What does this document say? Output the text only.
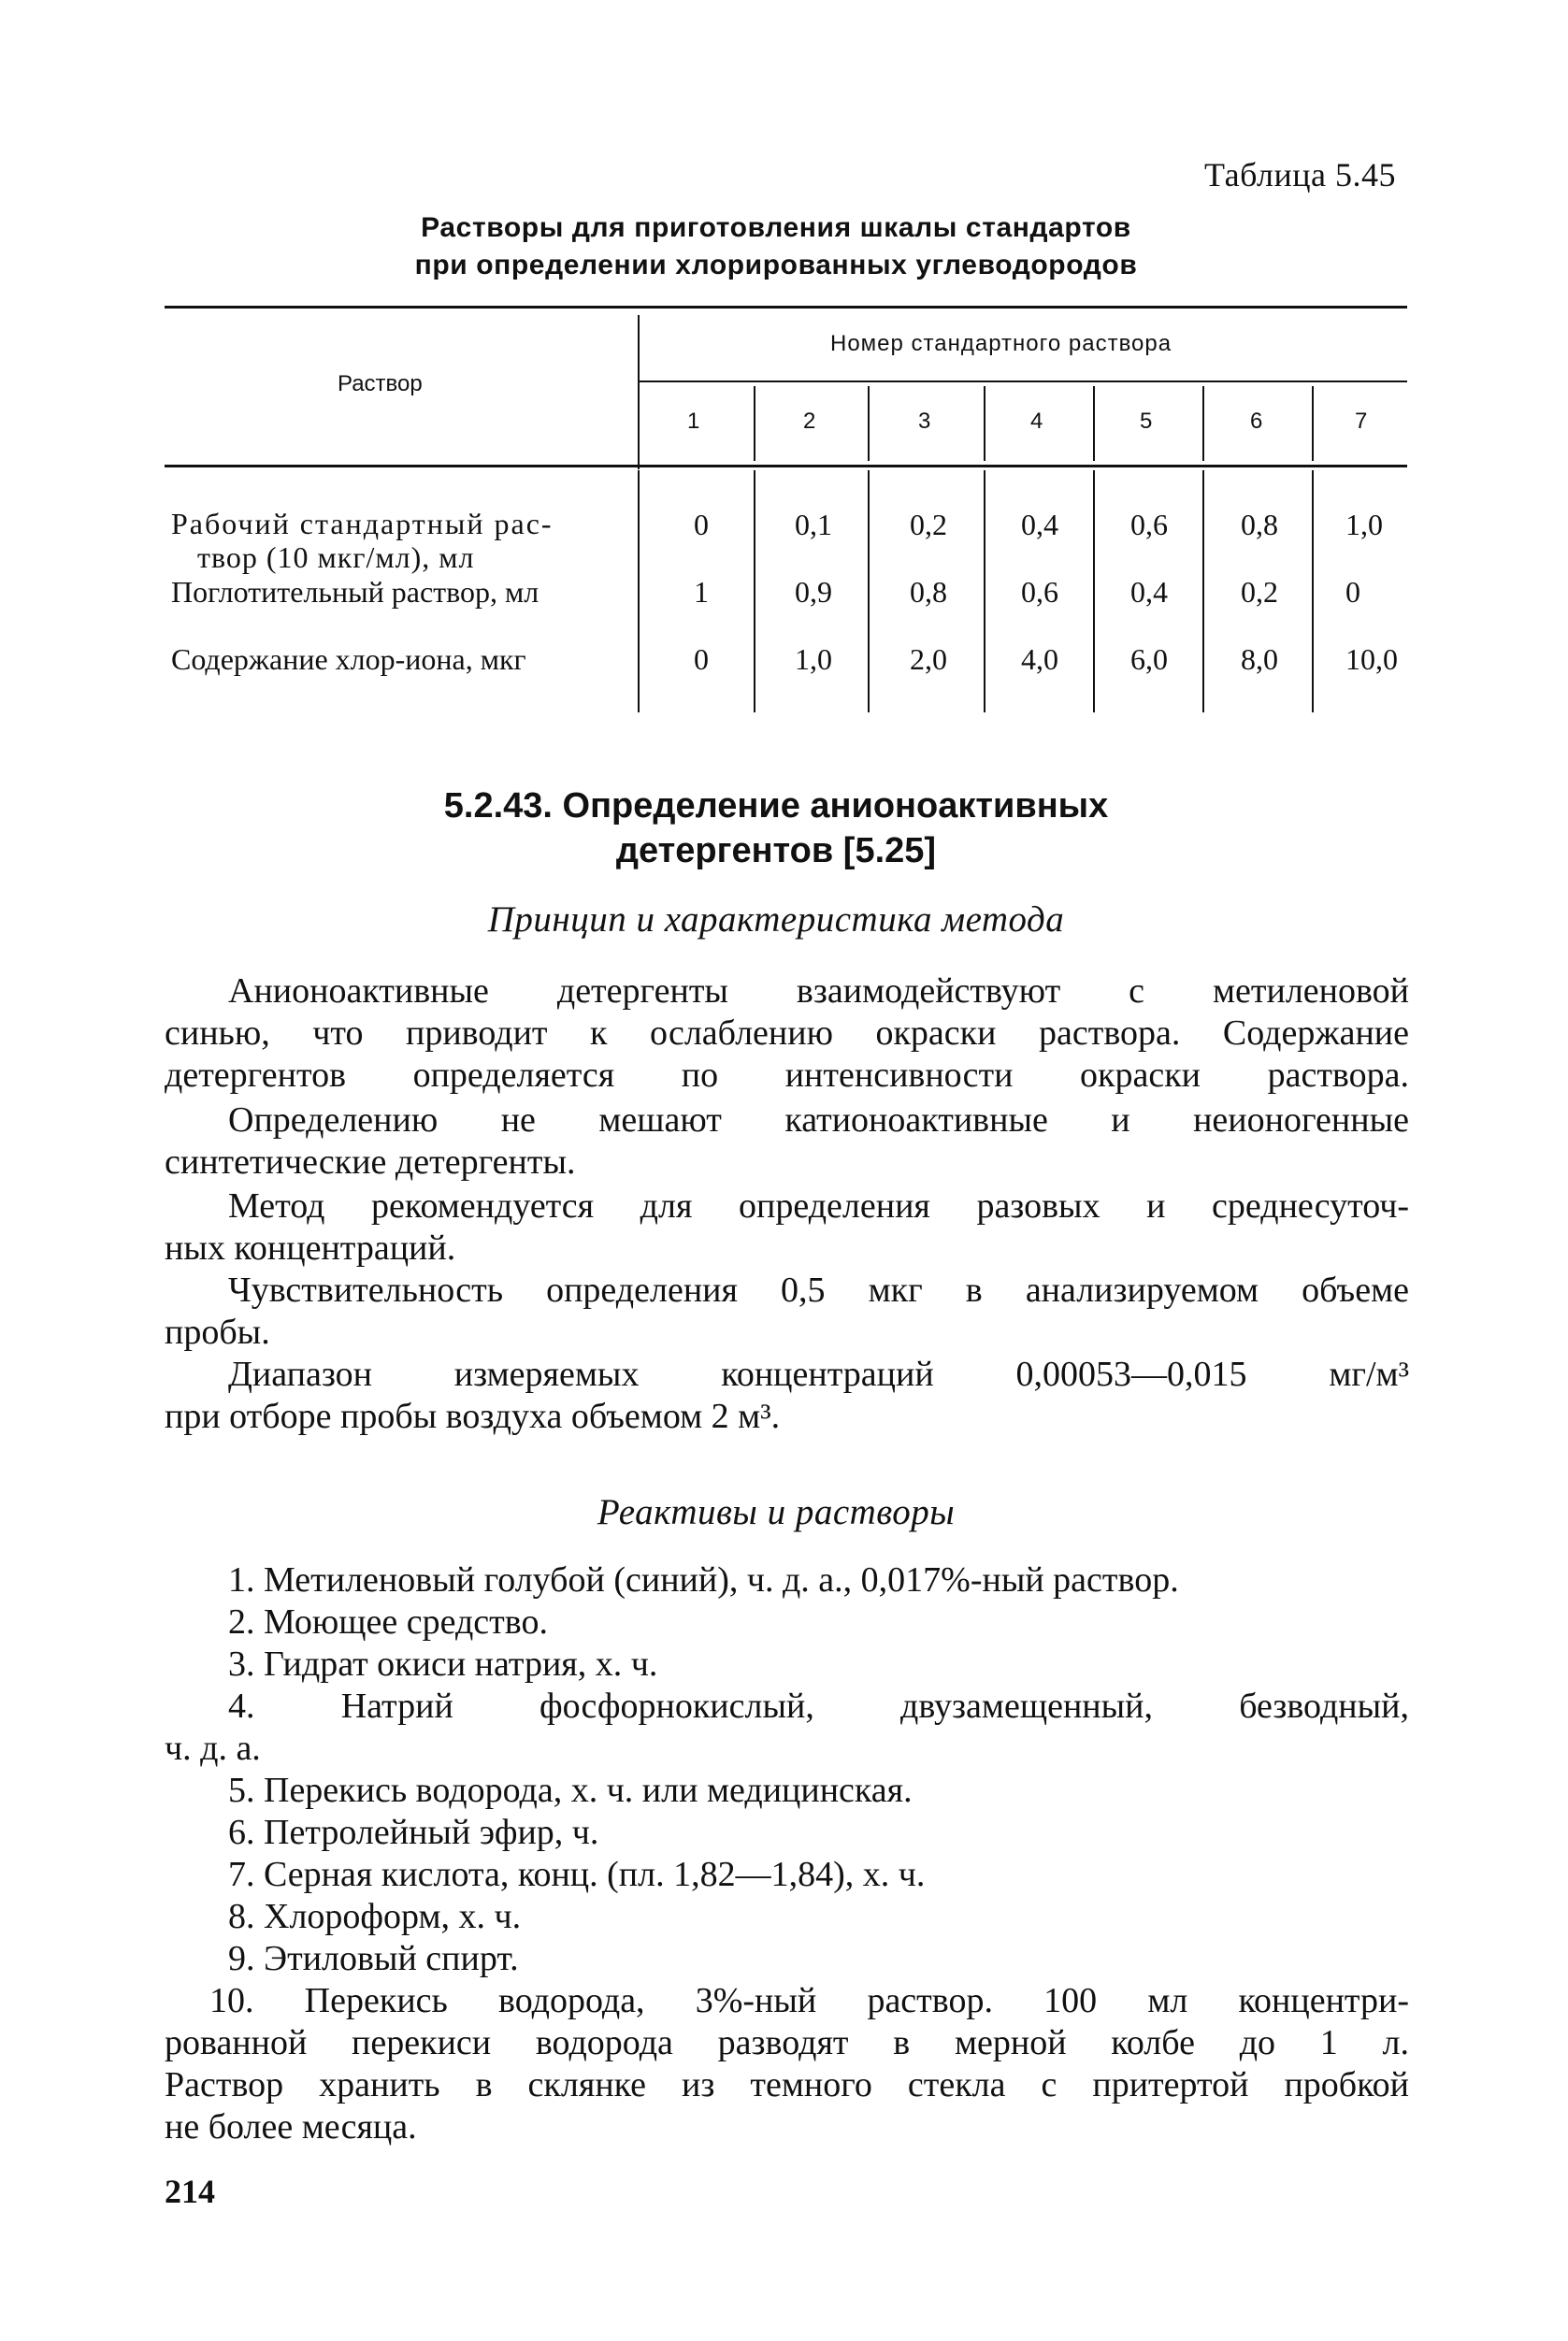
Таблица 5.45
Растворы для приготовления шкалы стандартов
при определении хлорированных углеводородов
Раствор
Номер стандартного раствора
1	2	3	4	5	6	7
Рабочий стандартный рас-
твор (10 мкг/мл), мл
0	0,1	0,2 0,4 0,6 0,8 1,0
Поглотительный раствор, мл	1	0,9	0,8 0,6 0,4 0,2 0
Содержание хлор-иона, мкг	0	1,0	2,0 4,0 6,0 8,0 10,0
5.2.43. Определение анионоактивных
детергентов [5.25]
Принцип и характеристика метода
Анионоактивные детергенты взаимодействуют с метиленовой
синью, что приводит к ослаблению окраски раствора. Содержание
детергентов определяется по интенсивности окраски раствора.
Определению не мешают катионоактивные и неионогенные
синтетические детергенты.
Метод рекомендуется для определения разовых и среднесуточ-
ных концентраций.
Чувствительность определения 0,5 мкг в анализируемом объеме
пробы.
Диапазон измеряемых концентраций 0,00053—0,015 мг/м³
при отборе пробы воздуха объемом 2 м³.
Реактивы и растворы
1. Метиленовый голубой (синий), ч. д. а., 0,017%-ный раствор.
2. Моющее средство.
3. Гидрат окиси натрия, х. ч.
4. Натрий фосфорнокислый, двузамещенный, безводный,
ч. д. а.
5. Перекись водорода, х. ч. или медицинская.
6. Петролейный эфир, ч.
7. Серная кислота, конц. (пл. 1,82—1,84), х. ч.
8. Хлороформ, х. ч.
9. Этиловый спирт.
10. Перекись водорода, 3%-ный раствор. 100 мл концентри-
рованной перекиси водорода разводят в мерной колбе до 1 л.
Раствор хранить в склянке из темного стекла с притертой пробкой
не более месяца.
214
